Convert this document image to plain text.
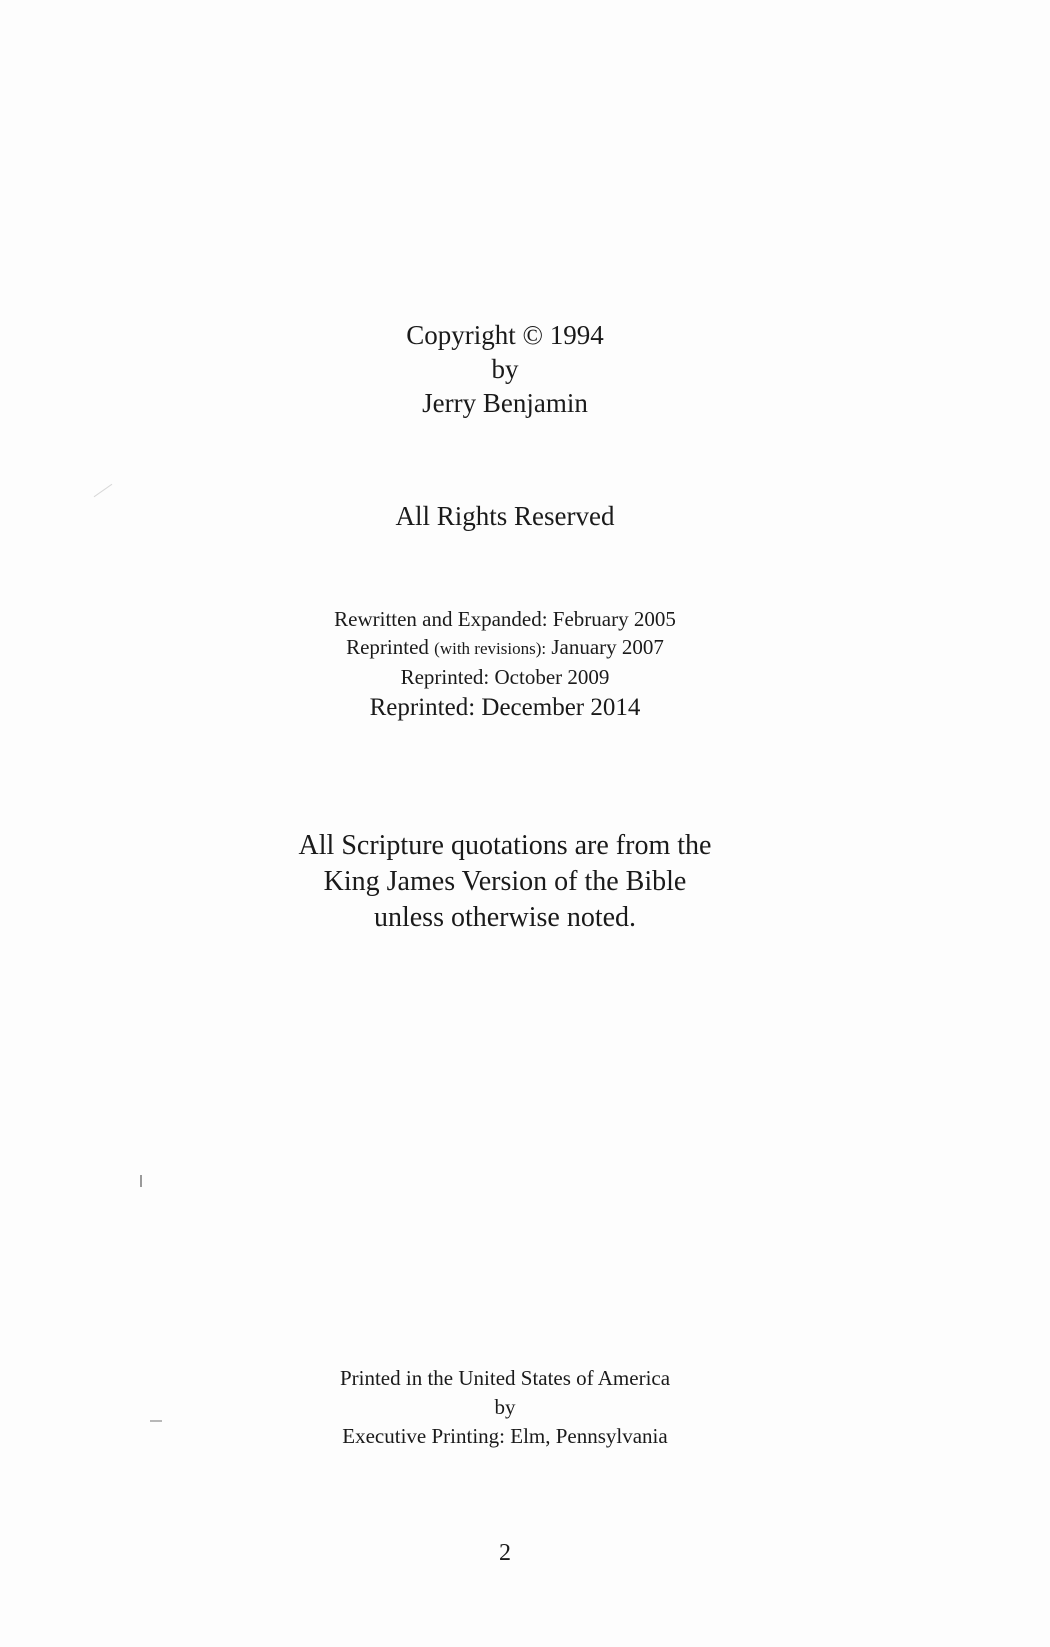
Copyright © 1994
by
Jerry Benjamin
All Rights Reserved
Rewritten and Expanded: February 2005
Reprinted (with revisions): January 2007
Reprinted: October 2009
Reprinted: December 2014
All Scripture quotations are from the
King James Version of the Bible
unless otherwise noted.
Printed in the United States of America
by
Executive Printing: Elm, Pennsylvania
2
